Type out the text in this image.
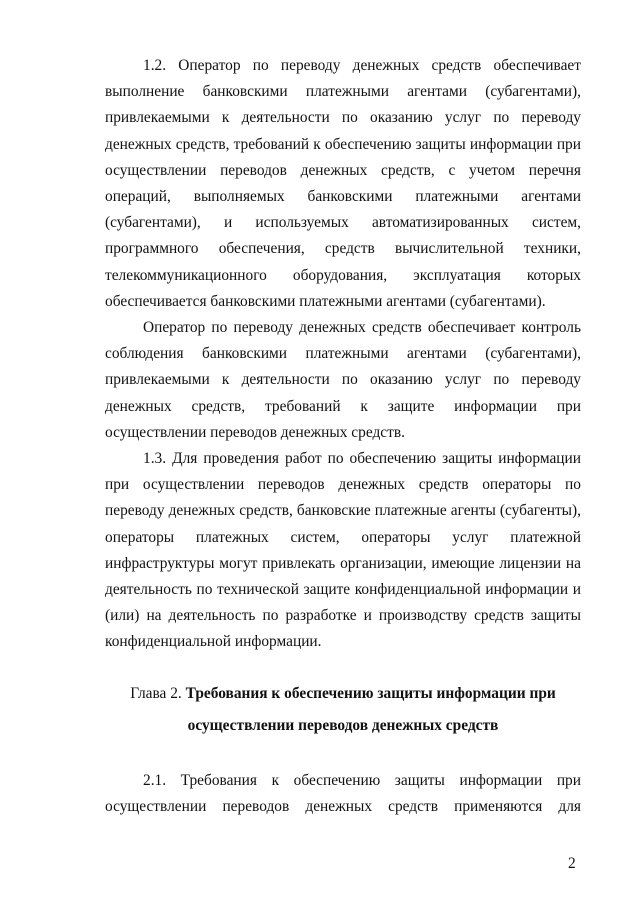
1.2. Оператор по переводу денежных средств обеспечивает выполнение банковскими платежными агентами (субагентами), привлекаемыми к деятельности по оказанию услуг по переводу денежных средств, требований к обеспечению защиты информации при осуществлении переводов денежных средств, с учетом перечня операций, выполняемых банковскими платежными агентами (субагентами), и используемых автоматизированных систем, программного обеспечения, средств вычислительной техники, телекоммуникационного оборудования, эксплуатация которых обеспечивается банковскими платежными агентами (субагентами).

Оператор по переводу денежных средств обеспечивает контроль соблюдения банковскими платежными агентами (субагентами), привлекаемыми к деятельности по оказанию услуг по переводу денежных средств, требований к защите информации при осуществлении переводов денежных средств.

1.3. Для проведения работ по обеспечению защиты информации при осуществлении переводов денежных средств операторы по переводу денежных средств, банковские платежные агенты (субагенты), операторы платежных систем, операторы услуг платежной инфраструктуры могут привлекать организации, имеющие лицензии на деятельность по технической защите конфиденциальной информации и (или) на деятельность по разработке и производству средств защиты конфиденциальной информации.

Глава 2. Требования к обеспечению защиты информации при
осуществлении переводов денежных средств

2.1. Требования к обеспечению защиты информации при осуществлении переводов денежных средств применяются для

2
